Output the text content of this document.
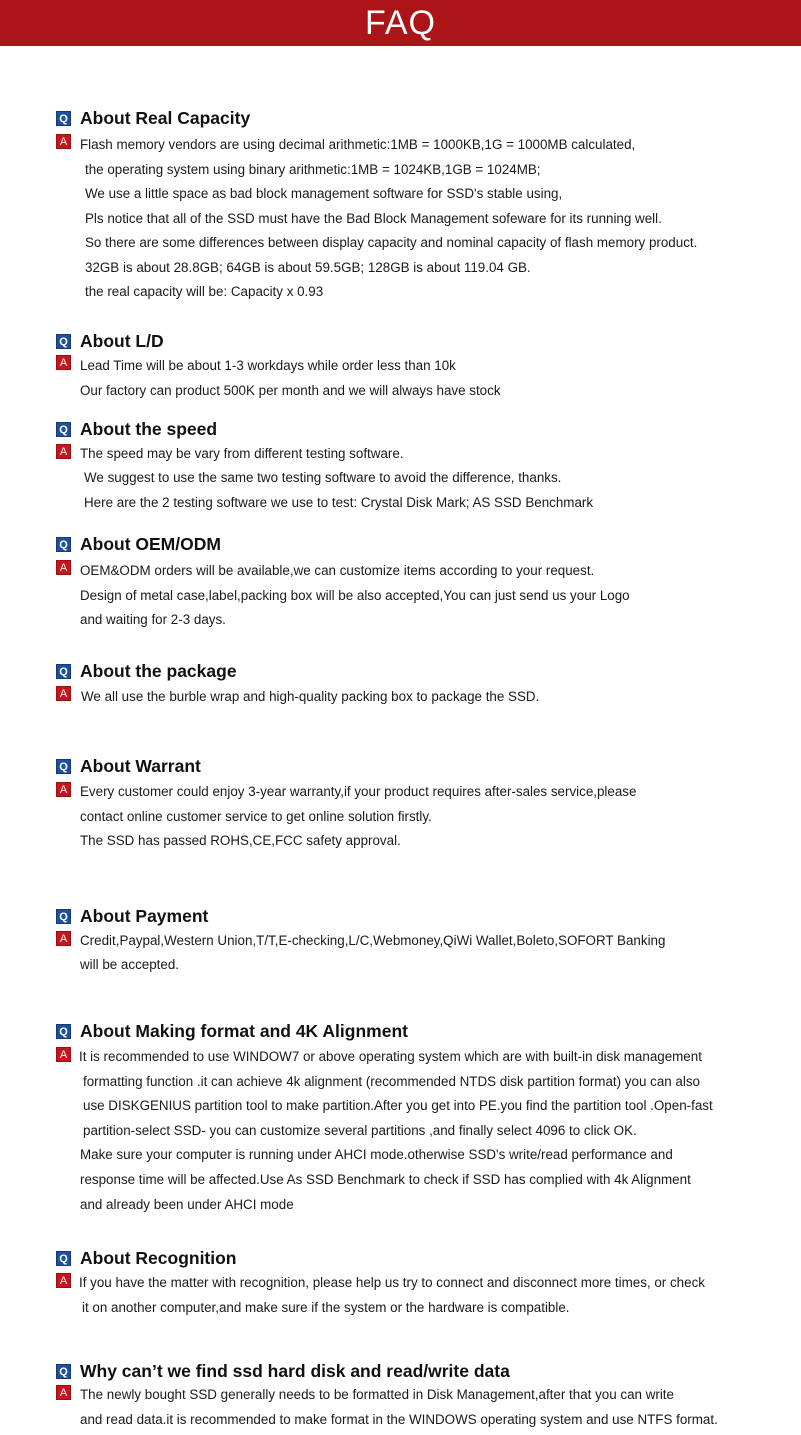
FAQ
Q About Real Capacity
A Flash memory vendors are using decimal arithmetic:1MB = 1000KB,1G = 1000MB calculated,
the operating system using binary arithmetic:1MB = 1024KB,1GB = 1024MB;
We use a little space as bad block management software for SSD's stable using,
Pls notice that all of the SSD must have the Bad Block Management sofeware for its running well.
So there are some differences between display capacity and nominal capacity of flash memory product.
32GB is about 28.8GB; 64GB is about 59.5GB; 128GB is about 119.04 GB.
the real capacity will be: Capacity x 0.93
Q About L/D
A Lead Time will be about 1-3 workdays while order less than 10k
Our factory can product 500K per month and we will always have stock
Q About the speed
A The speed may be vary from different testing software.
We suggest to use the same two testing software to avoid the difference, thanks.
Here are the 2 testing software we use to test: Crystal Disk Mark; AS SSD Benchmark
Q About OEM/ODM
A OEM&ODM orders will be available,we can customize items according to your request.
Design of metal case,label,packing box will be also accepted,You can just send us your Logo
and waiting for 2-3 days.
Q About the package
A We all use the burble wrap and high-quality packing box to package the SSD.
Q About Warrant
A Every customer could enjoy 3-year warranty,if your product requires after-sales service,please
contact online customer service to get online solution firstly.
The SSD has passed ROHS,CE,FCC safety approval.
Q About Payment
A Credit,Paypal,Western Union,T/T,E-checking,L/C,Webmoney,QiWi Wallet,Boleto,SOFORT Banking
will be accepted.
Q About Making format and 4K Alignment
A It is recommended to use WINDOW7 or above operating system which are with built-in disk management
formatting function .it can achieve 4k alignment (recommended NTDS disk partition format) you can also
use DISKGENIUS partition tool to make partition.After you get into PE.you find the partition tool .Open-fast
partition-select SSD- you can customize several partitions ,and finally select 4096 to click OK.
Make sure your computer is running under AHCI mode.otherwise SSD's write/read performance and
response time will be affected.Use As SSD Benchmark to check if SSD has complied with 4k Alignment
and already been under AHCI mode
Q About Recognition
A If you have the matter with recognition, please help us try to connect and disconnect more times, or check
it on another computer,and make sure if the system or the hardware is compatible.
Q Why can’t we find ssd hard disk and read/write data
A The newly bought SSD generally needs to be formatted in Disk Management,after that you can write
and read data.it is recommended to make format in the WINDOWS operating system and use NTFS format.
